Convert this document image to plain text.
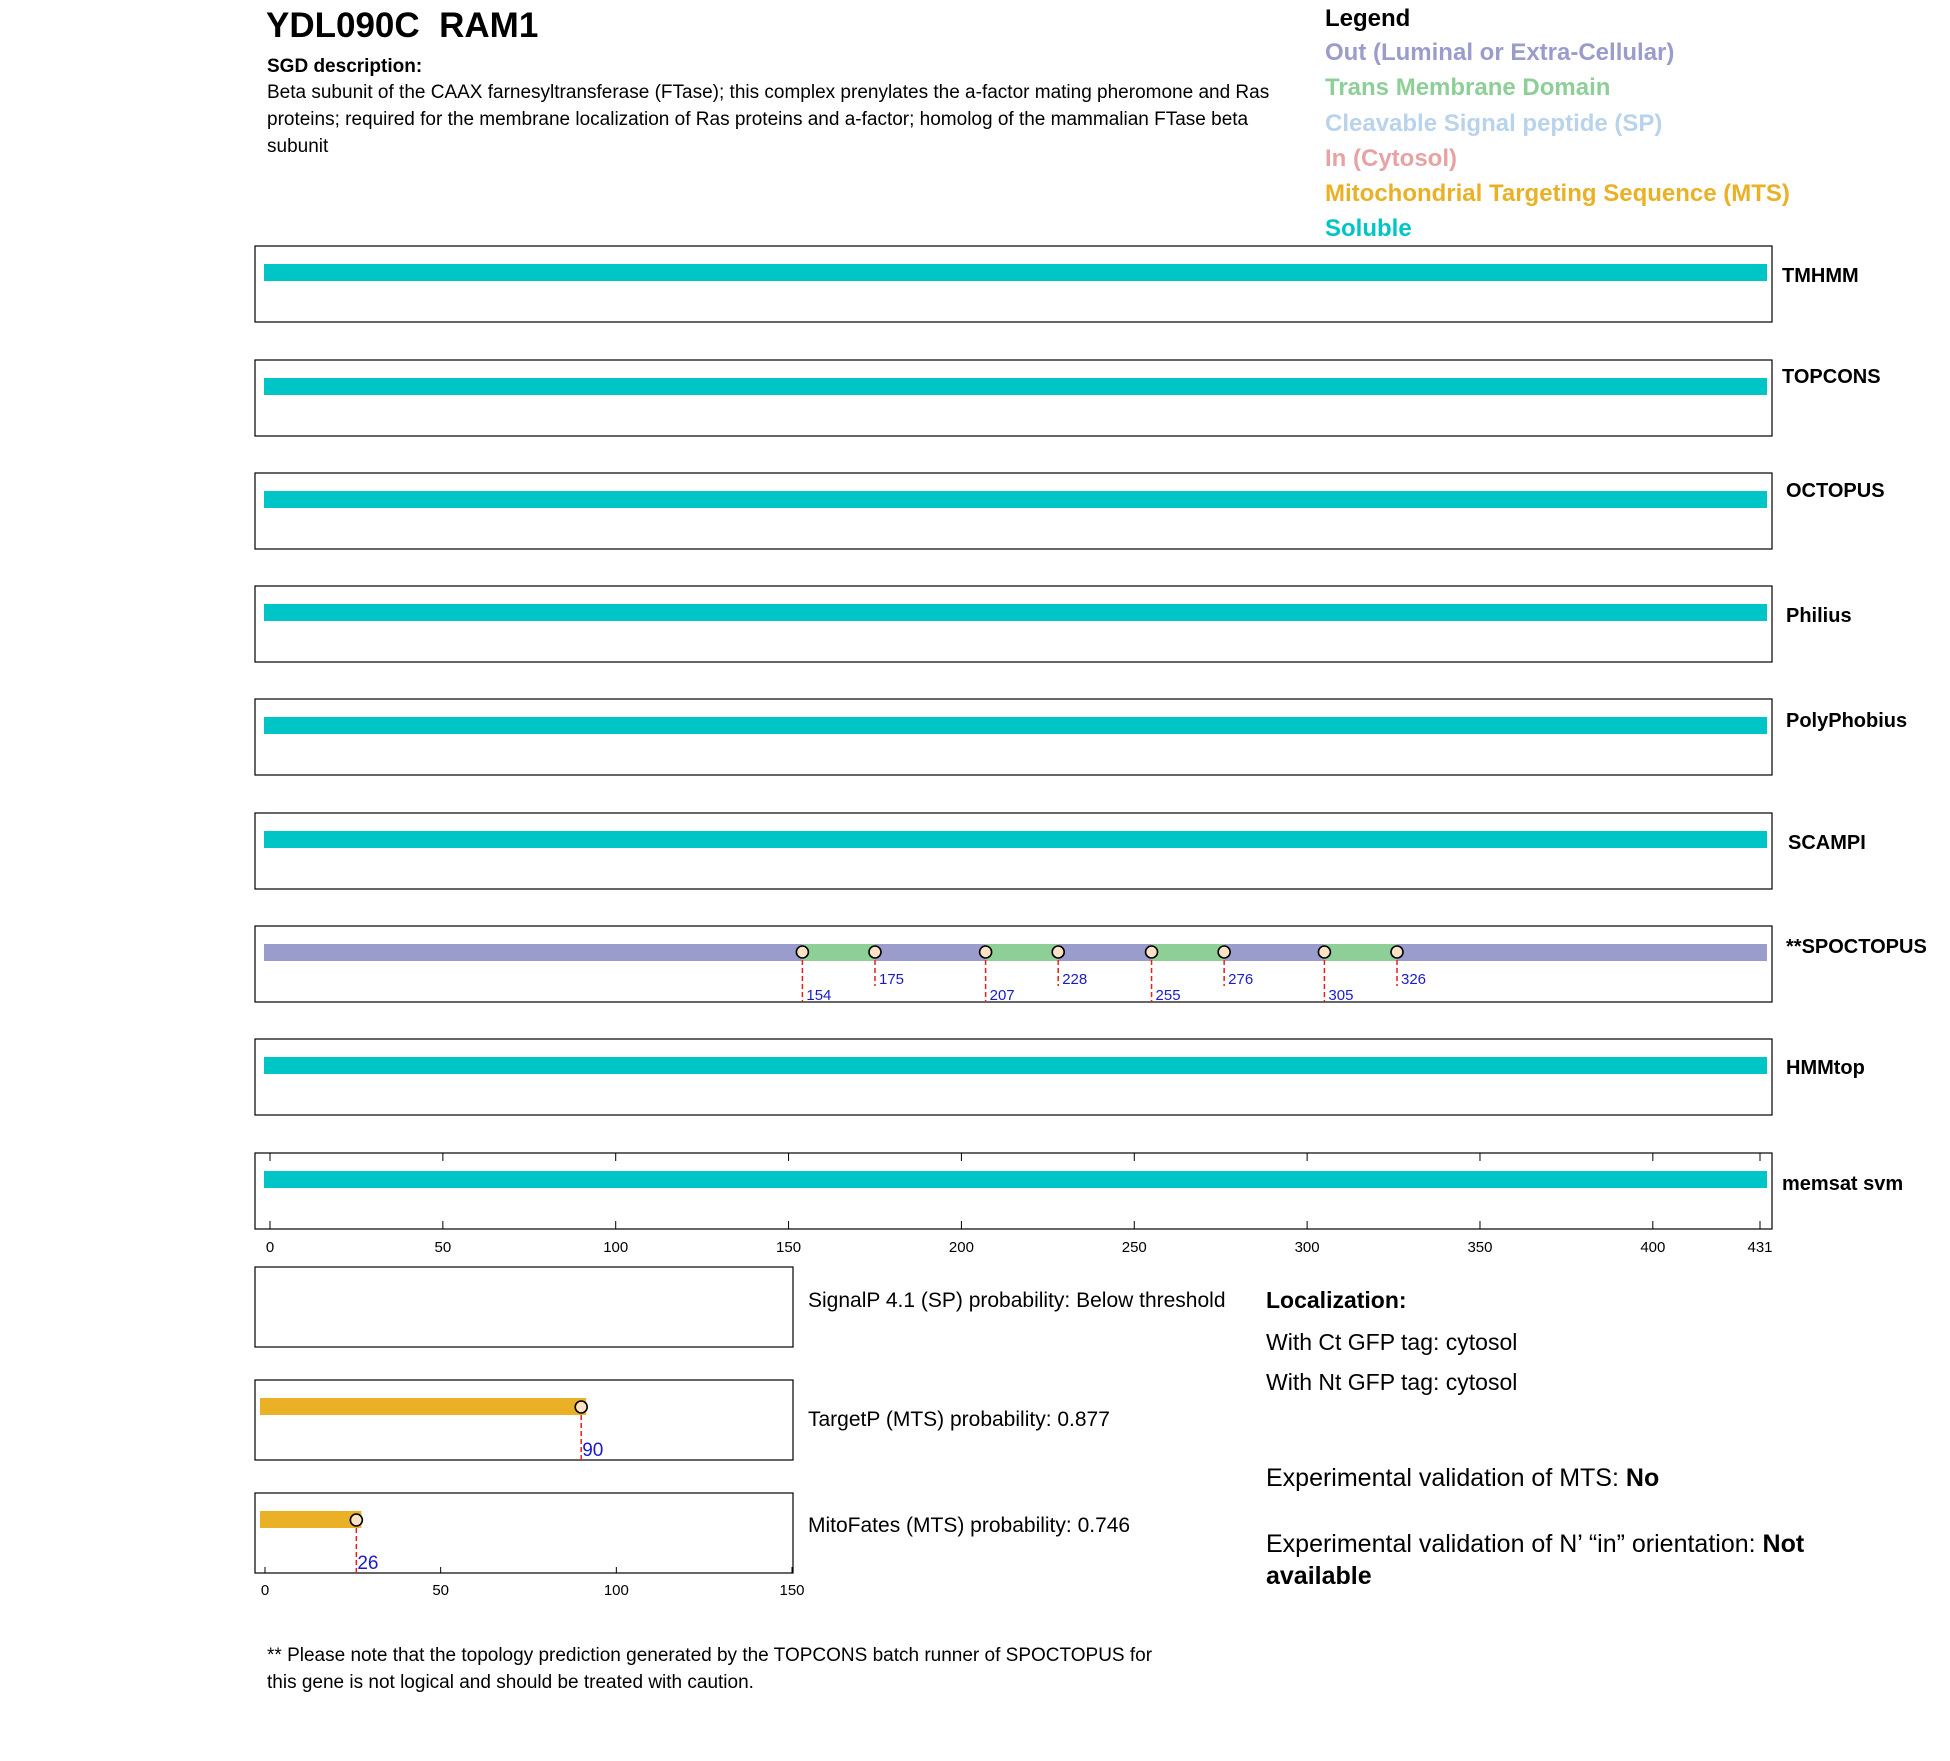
YDL090C  RAM1
SGD description:
Beta subunit of the CAAX farnesyltransferase (FTase); this complex prenylates the a-factor mating pheromone and Ras proteins; required for the membrane localization of Ras proteins and a-factor; homolog of the mammalian FTase beta subunit
Legend
Out (Luminal or Extra-Cellular)
Trans Membrane Domain
Cleavable Signal peptide (SP)
In (Cytosol)
Mitochondrial Targeting Sequence (MTS)
Soluble
TMHMM
TOPCONS
OCTOPUS
Philius
PolyPhobius
SCAMPI
154
175
207
228
255
276
305
326
**SPOCTOPUS
HMMtop
memsat svm
0	50	100	150	200	250	300	350	400	431
90
26
0	50	100	150
SignalP 4.1 (SP) probability: Below threshold
TargetP (MTS) probability: 0.877
MitoFates (MTS) probability: 0.746
Localization:
With Ct GFP tag: cytosol
With Nt GFP tag: cytosol
Experimental validation of MTS: No
Experimental validation of N’ “in” orientation: Not
available
** Please note that the topology prediction generated by the TOPCONS batch runner of SPOCTOPUS for this gene is not logical and should be treated with caution.
